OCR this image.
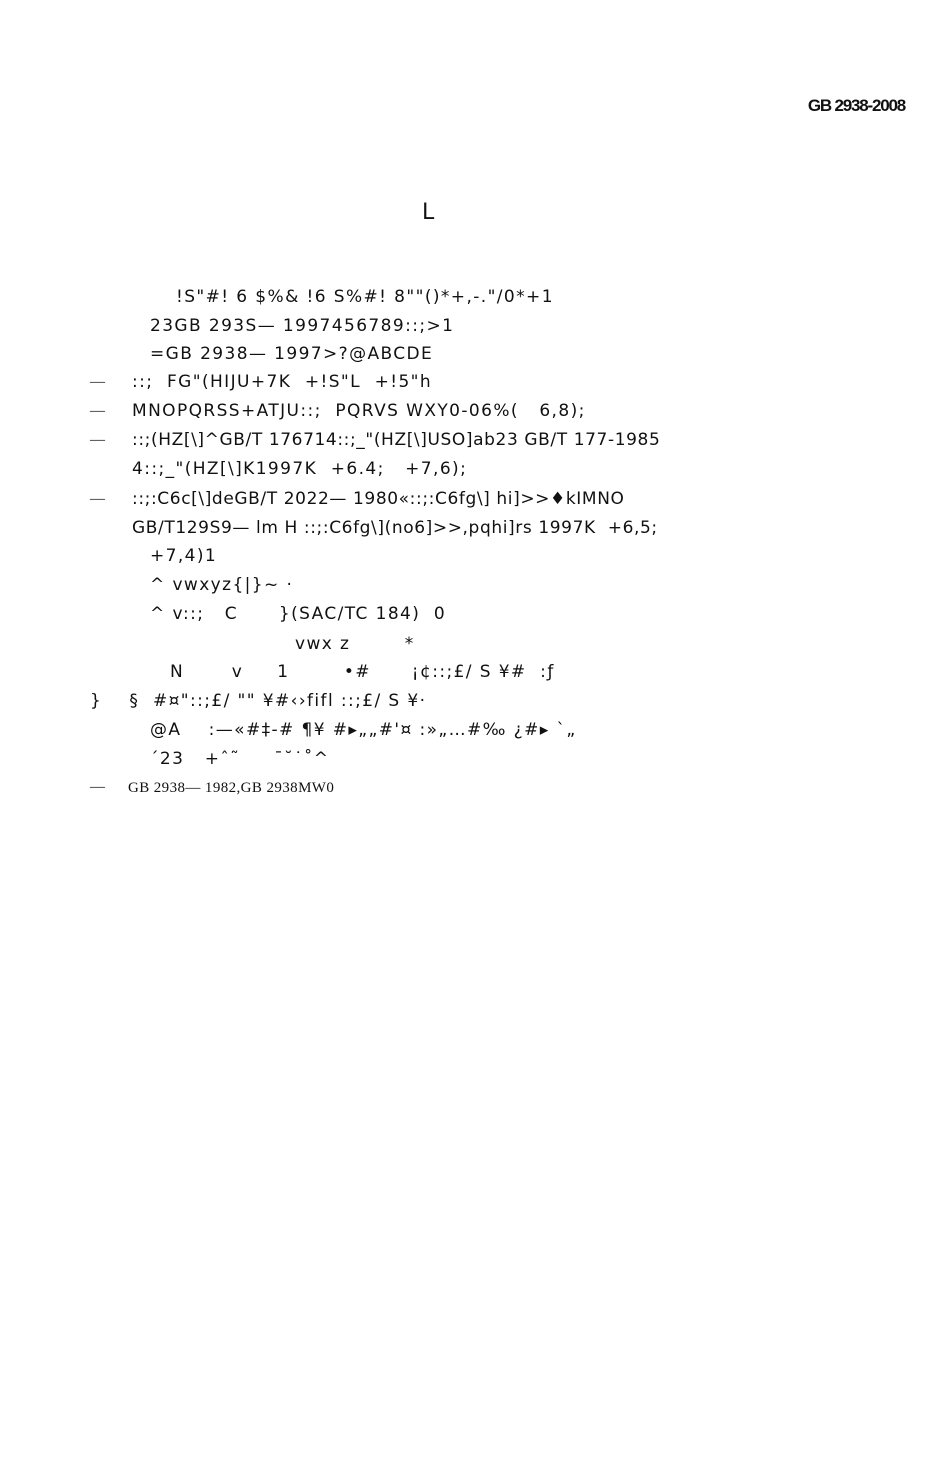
GB 2938-2008
L
!S"#! 6 $%& !6 S%#! 8""()*+,-."/0*+1
23GB 293S— 1997456789::;>1
=GB 2938— 1997>?@ABCDE
— ::;  FG"(HIJU+7K  +!S"L  +!5"h
— MNOPQRSS+ATJU::;  PQRVS WXY0-06%(   6,8);
— ::;(HZ[\]^GB/T 176714::;_"(HZ[\]USO]ab23 GB/T 177-1985
4::;_"(HZ[\]K1997K  +6.4;   +7,6);
— ::;:C6c[\]deGB/T 2022— 1980«::;:C6fg\] hi]>>♦kIMNO
GB/T129S9— lm H ::;:C6fg\](no6]>>,pqhi]rs 1997K  +6,5;
+7,4)1
^ vwxyz{|}~ ·
^ v::;   C      }(SAC/TC 184)  0
vwx z        *
N       v     1        •#      ¡¢::;£/ S ¥#  :ƒ
}    §  #¤"::;£/ "" ¥#‹›fifl ::;£/ S ¥·
@A    :—«#‡-# ¶¥ #▸„„#'¤ :»„…#‰ ¿#▸ `„
´23   +ˆ˜     ¯˘˙˚^
— GB 2938— 1982,GB 2938MW0
